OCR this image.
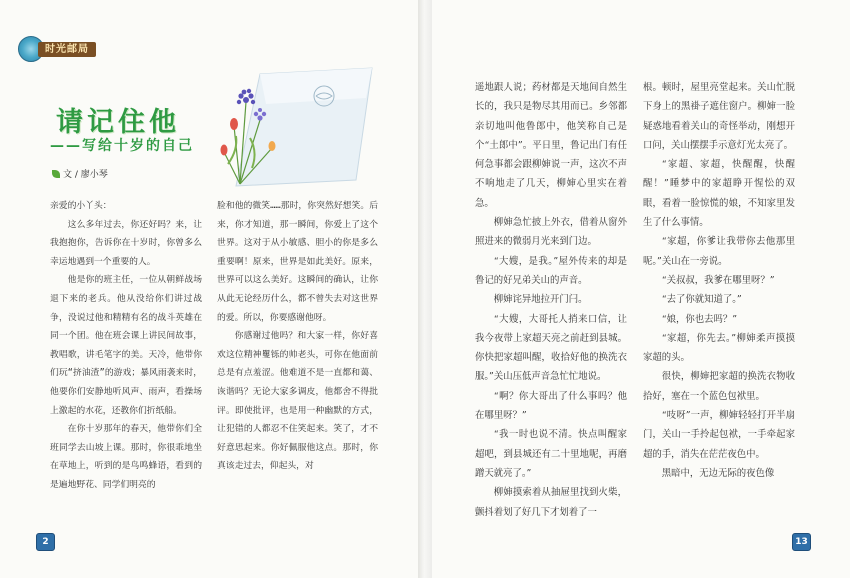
时光邮局
请记住他
——写给十岁的自己
文 / 廖小琴

亲爱的小丫头：

这么多年过去，你还好吗？来，让我抱抱你，告诉你在十岁时，你曾多么幸运地遇到一个重要的人。

他是你的班主任，一位从朝鲜战场退下来的老兵。他从没给你们讲过战争，没说过他和精精有名的战斗英雄在同一个团。他在班会课上讲民间故事，教唱歌，讲毛笔字的美。天冷，他带你们玩“挤油渣”的游戏；暴风雨袭来时，他要你们安静地听风声、雨声，看操场上激起的水花，还教你们折纸船。

在你十岁那年的春天，他带你们全班同学去山坡上课。那时，你很乖地坐在草地上，听到的是鸟鸣蜂语，看到的是遍地野花、同学们明亮的

脸和他的微笑……那时，你突然好想笑。后来，你才知道，那一瞬间，你爱上了这个世界。这对于从小敏感、胆小的你是多么重要啊！原来，世界是如此美好。原来，世界可以这么美好。这瞬间的确认，让你从此无论经历什么，都不曾失去对这世界的爱。所以，你要感谢他呀。

你感谢过他吗？和大家一样，你好喜欢这位精神矍铄的帅老头，可你在他面前总是有点羞涩。他难道不是一直都和蔼、诙谐吗？无论大家多调皮，他都舍不得批评。即使批评，也是用一种幽默的方式，让犯错的人都忍不住笑起来。笑了，才不好意思起来。你好佩服他这点。那时，你真该走过去，仰起头，对

2

遥地跟人说；药材都是天地间自然生长的，我只是物尽其用而已。乡邻都亲切地叫他鲁郎中，他笑称自己是个“土郎中”。平日里，鲁记出门有任何急事都会跟柳婶说一声，这次不声不响地走了几天，柳婶心里实在着急。

柳婶急忙披上外衣，借着从窗外照进来的微弱月光来到门边。

“大嫂，是我。”屋外传来的却是鲁记的好兄弟关山的声音。

柳婶诧异地拉开门闩。

“大嫂，大哥托人捎来口信，让我今夜带上家超天亮之前赶到县城。你快把家超叫醒，收拾好他的换洗衣服。”关山压低声音急忙忙地说。

“啊？你大哥出了什么事吗？他在哪里呀？”

“我一时也说不清。快点叫醒家超吧，到县城还有二十里地呢，再磨蹭天就亮了。”

柳婶摸索着从抽屉里找到火柴，颤抖着划了好几下才划着了一

根。顿时，屋里亮堂起来。关山忙脱下身上的黑褂子遮住窗户。柳婶一脸疑惑地看着关山的奇怪举动，刚想开口问，关山摆摆手示意灯光太亮了。

“家超、家超，快醒醒，快醒醒！”睡梦中的家超睁开惺忪的双眼，看着一脸惊慌的娘，不知家里发生了什么事情。

“家超，你爹让我带你去他那里呢。”关山在一旁说。

“关叔叔，我爹在哪里呀？”

“去了你就知道了。”

“娘，你也去吗？”

“家超，你先去。”柳婶柔声摸摸家超的头。

很快，柳婶把家超的换洗衣物收拾好，塞在一个蓝色包袱里。

“吱呀”一声，柳婶轻轻打开半扇门，关山一手拎起包袱，一手牵起家超的手，消失在茫茫夜色中。

黑暗中，无边无际的夜色像

13
